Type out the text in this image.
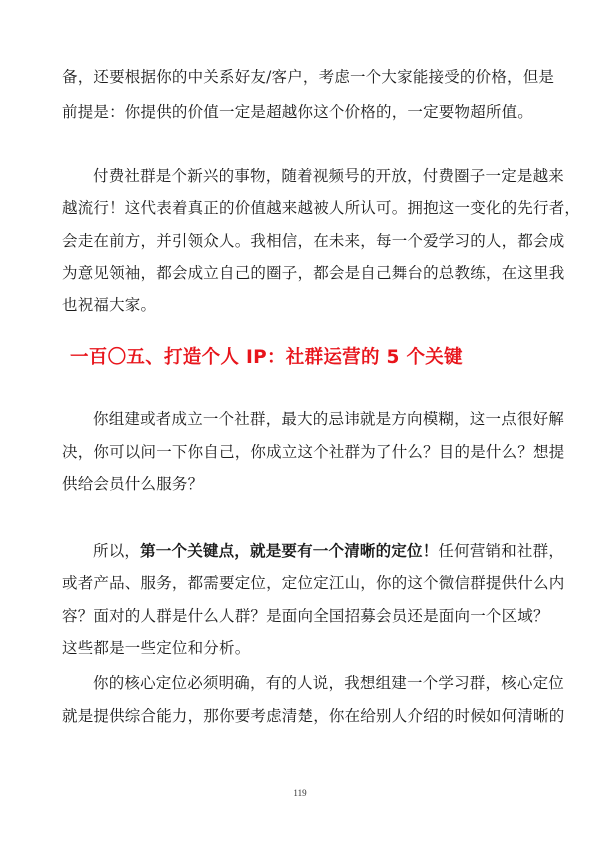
备，还要根据你的中关系好友/客户，考虑一个大家能接受的价格，但是
前提是：你提供的价值一定是超越你这个价格的，一定要物超所值。
付费社群是个新兴的事物，随着视频号的开放，付费圈子一定是越来
越流行！这代表着真正的价值越来越被人所认可。拥抱这一变化的先行者，
会走在前方，并引领众人。我相信，在未来，每一个爱学习的人，都会成
为意见领袖，都会成立自己的圈子，都会是自己舞台的总教练，在这里我
也祝福大家。
一百〇五、打造个人 IP：社群运营的 5 个关键
你组建或者成立一个社群，最大的忌讳就是方向模糊，这一点很好解
决，你可以问一下你自己，你成立这个社群为了什么？目的是什么？想提
供给会员什么服务？
所以，第一个关键点，就是要有一个清晰的定位！任何营销和社群，
或者产品、服务，都需要定位，定位定江山，你的这个微信群提供什么内
容？面对的人群是什么人群？是面向全国招募会员还是面向一个区域？
这些都是一些定位和分析。
你的核心定位必须明确，有的人说，我想组建一个学习群，核心定位
就是提供综合能力，那你要考虑清楚，你在给别人介绍的时候如何清晰的
119
